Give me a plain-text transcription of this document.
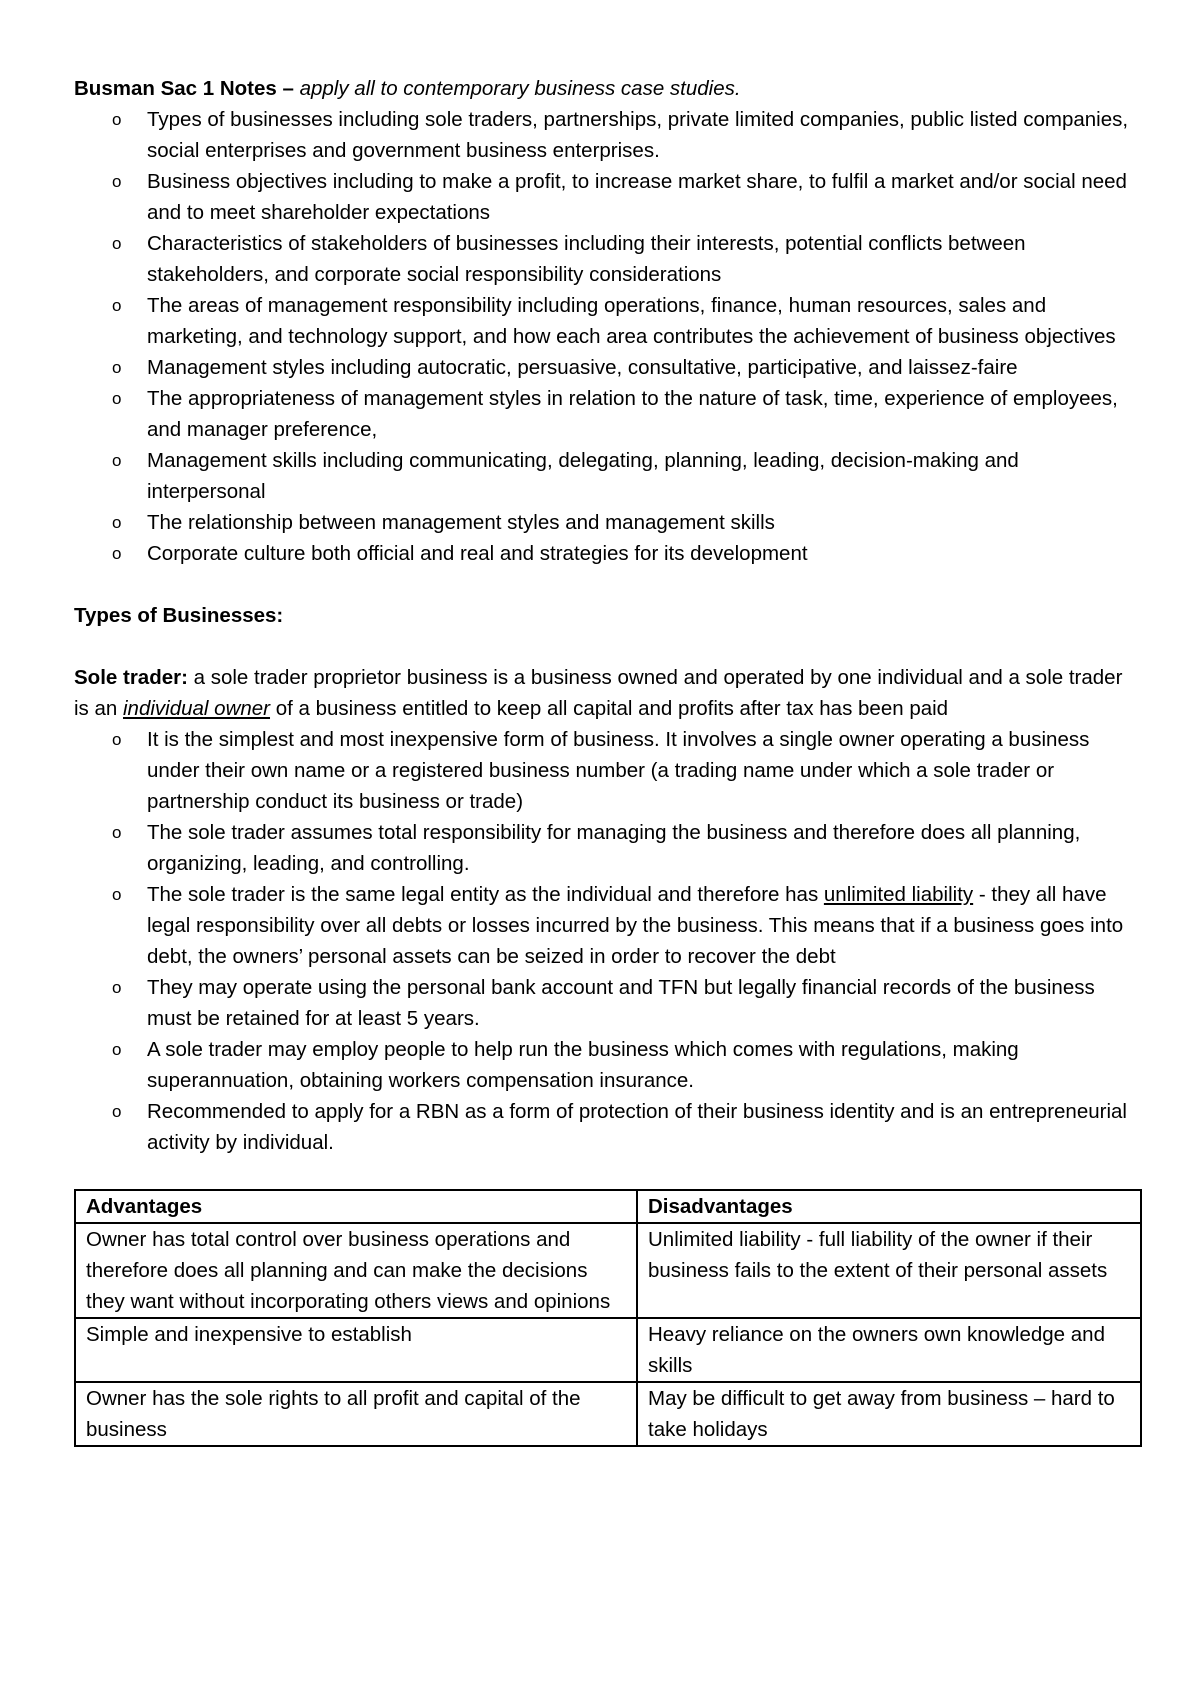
Busman Sac 1 Notes – apply all to contemporary business case studies.

o Types of businesses including sole traders, partnerships, private limited companies, public listed companies, social enterprises and government business enterprises.
o Business objectives including to make a profit, to increase market share, to fulfil a market and/or social need and to meet shareholder expectations
o Characteristics of stakeholders of businesses including their interests, potential conflicts between stakeholders, and corporate social responsibility considerations
o The areas of management responsibility including operations, finance, human resources, sales and marketing, and technology support, and how each area contributes the achievement of business objectives
o Management styles including autocratic, persuasive, consultative, participative, and laissez-faire
o The appropriateness of management styles in relation to the nature of task, time, experience of employees, and manager preference,
o Management skills including communicating, delegating, planning, leading, decision-making and interpersonal
o The relationship between management styles and management skills
o Corporate culture both official and real and strategies for its development

Types of Businesses:

Sole trader: a sole trader proprietor business is a business owned and operated by one individual and a sole trader is an individual owner of a business entitled to keep all capital and profits after tax has been paid

o It is the simplest and most inexpensive form of business. It involves a single owner operating a business under their own name or a registered business number (a trading name under which a sole trader or partnership conduct its business or trade)
o The sole trader assumes total responsibility for managing the business and therefore does all planning, organizing, leading, and controlling.
o The sole trader is the same legal entity as the individual and therefore has unlimited liability - they all have legal responsibility over all debts or losses incurred by the business. This means that if a business goes into debt, the owners’ personal assets can be seized in order to recover the debt
o They may operate using the personal bank account and TFN but legally financial records of the business must be retained for at least 5 years.
o A sole trader may employ people to help run the business which comes with regulations, making superannuation, obtaining workers compensation insurance.
o Recommended to apply for a RBN as a form of protection of their business identity and is an entrepreneurial activity by individual.
Advantages	Disadvantages
Owner has total control over business operations and therefore does all planning and can make the decisions they want without incorporating others views and opinions	Unlimited liability - full liability of the owner if their business fails to the extent of their personal assets
Simple and inexpensive to establish	Heavy reliance on the owners own knowledge and skills
Owner has the sole rights to all profit and capital of the business	May be difficult to get away from business – hard to take holidays
